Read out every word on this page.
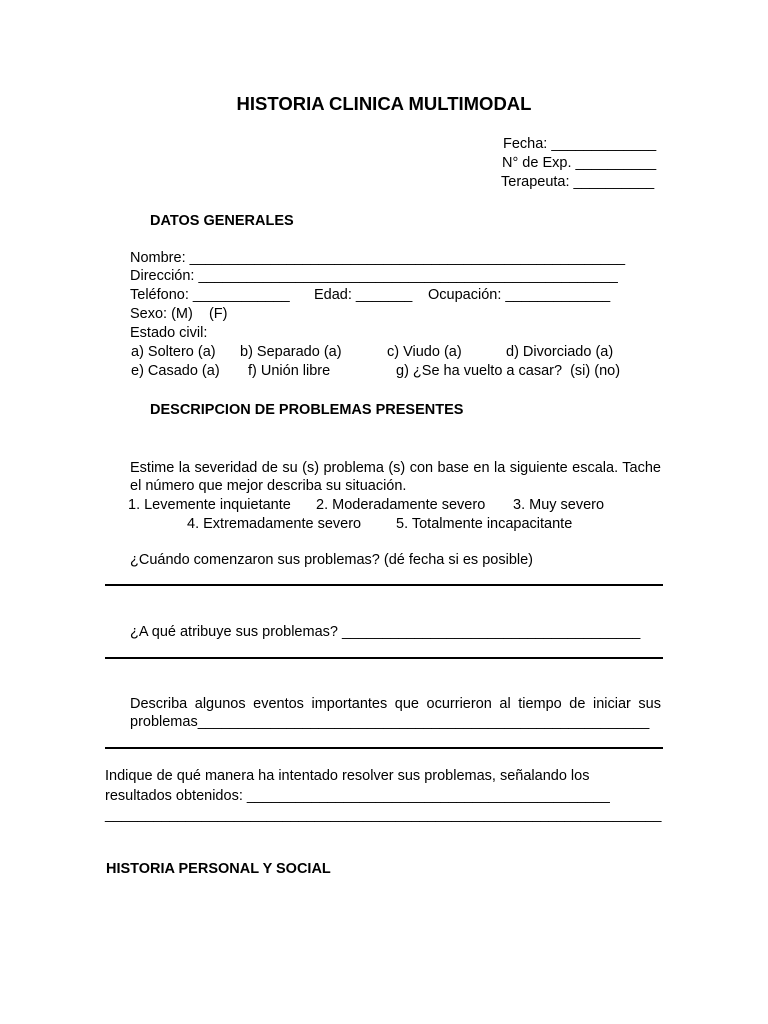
HISTORIA CLINICA MULTIMODAL
Fecha: _____________
N° de Exp. __________
Terapeuta: __________
DATOS GENERALES
Nombre: ______________________________________________________
Dirección: ____________________________________________________
Teléfono: ____________ Edad: _______ Ocupación: _____________
Sexo: (M)    (F)
Estado civil:
a) Soltero (a) b) Separado (a)	c) Viudo (a)	d) Divorciado (a)
e) Casado (a) f) Unión libre	g) ¿Se ha vuelto a casar?  (si) (no)
DESCRIPCION DE PROBLEMAS PRESENTES
Estime la severidad de su (s) problema (s) con base en la siguiente escala. Tache el número que mejor describa su situación.
1. Levemente inquietante 2. Moderadamente severo 3. Muy severo
4. Extremadamente severo 5. Totalmente incapacitante
¿Cuándo comenzaron sus problemas? (dé fecha si es posible)
¿A qué atribuye sus problemas? _____________________________________
Describa algunos eventos importantes que ocurrieron al tiempo de iniciar sus problemas________________________________________________________
Indique de qué manera ha intentado resolver sus problemas, señalando los
resultados obtenidos: _____________________________________________
_____________________________________________________________________
HISTORIA PERSONAL Y SOCIAL
